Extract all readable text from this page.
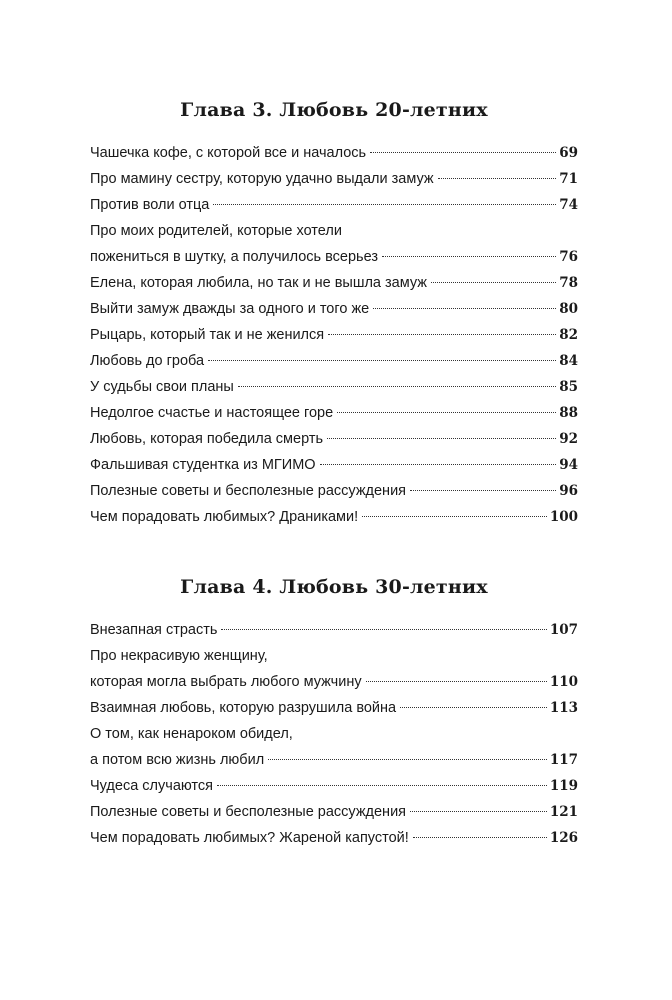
Глава 3. Любовь 20-летних
Чашечка кофе, с которой все и началось	69
Про мамину сестру, которую удачно выдали замуж	71
Против воли отца	74
Про моих родителей, которые хотели
пожениться в шутку, а получилось всерьез	76
Елена, которая любила, но так и не вышла замуж	78
Выйти замуж дважды за одного и того же	80
Рыцарь, который так и не женился	82
Любовь до гроба	84
У судьбы свои планы	85
Недолгое счастье и настоящее горе	88
Любовь, которая победила смерть	92
Фальшивая студентка из МГИМО	94
Полезные советы и бесполезные рассуждения	96
Чем порадовать любимых? Драниками!	100
Глава 4. Любовь 30-летних
Внезапная страсть	107
Про некрасивую женщину,
которая могла выбрать любого мужчину	110
Взаимная любовь, которую разрушила война	113
О том, как ненароком обидел,
а потом всю жизнь любил	117
Чудеса случаются	119
Полезные советы и бесполезные рассуждения	121
Чем порадовать любимых? Жареной капустой!	126
